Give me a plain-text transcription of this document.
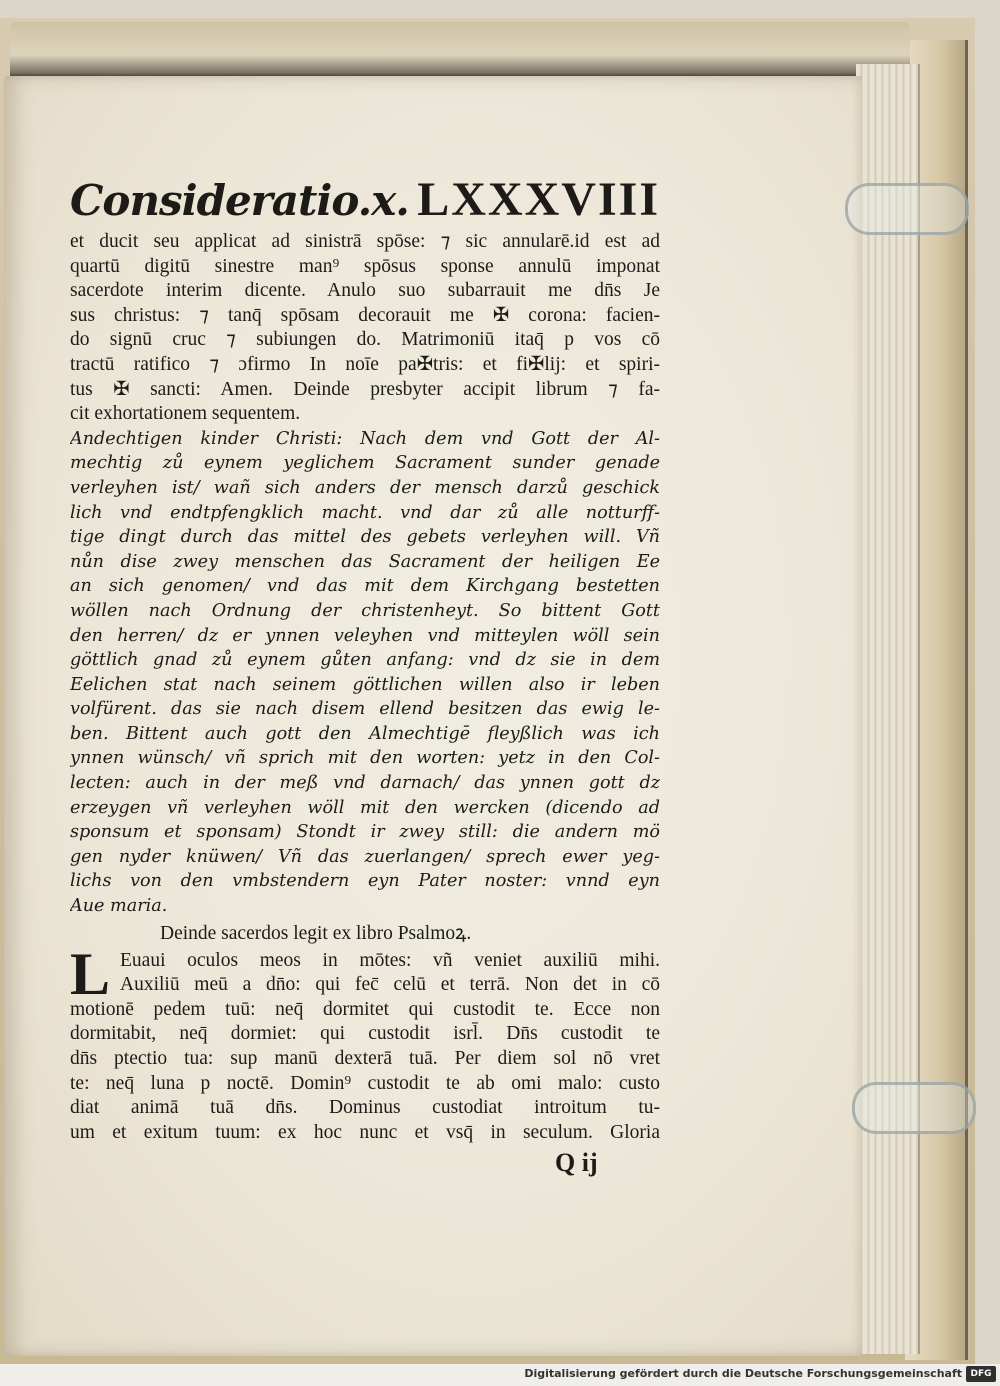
Consideratio.x. LXXXVIII
et ducit seu applicat ad sinistrā spōse: ⁊ sic annularē.id est ad
quartū digitū sinestre man⁹ spōsus sponse annulū imponat
sacerdote interim dicente. Anulo suo subarrauit me dn̄s Je
sus christus: ⁊ tanq̄ spōsam decorauit me ✠ corona: facien-
do signū cruc ⁊ subiungen do. Matrimoniū itaq̄ p vos cō
tractū ratifico ⁊ ɔfirmo In noīe pa✠tris: et fi✠lij: et spiri-
tus ✠ sancti: Amen. Deinde presbyter accipit librum ⁊ fa-
cit exhortationem sequentem.
Andechtigen kinder Christi: Nach dem vnd Gott der Al-
mechtig zů eynem yeglichem Sacrament sunder genade
verleyhen ist/ wañ sich anders der mensch darzů geschick
lich vnd endtpfengklich macht. vnd dar zů alle notturff-
tige dingt durch das mittel des gebets verleyhen will. Vñ
nůn dise zwey menschen das Sacrament der heiligen Ee
an sich genomen/ vnd das mit dem Kirchgang bestetten
wöllen nach Ordnung der christenheyt. So bittent Gott
den herren/ dz er ynnen veleyhen vnd mitteylen wöll sein
göttlich gnad zů eynem gůten anfang: vnd dz sie in dem
Eelichen stat nach seinem göttlichen willen also ir leben
volfürent. das sie nach disem ellend besitzen das ewig le-
ben. Bittent auch gott den Almechtigē fleyßlich was ich
ynnen wünsch/ vñ sprich mit den worten: yetz in den Col-
lecten: auch in der meß vnd darnach/ das ynnen gott dz
erzeygen vñ verleyhen wöll mit den wercken (dicendo ad
sponsum et sponsam) Stondt ir zwey still: die andern mö
gen nyder knüwen/ Vñ das zuerlangen/ sprech ewer yeg-
lichs von den vmbstendern eyn Pater noster: vnnd eyn
Aue maria.
Deinde sacerdos legit ex libro Psalmoꝝ.
L Euaui oculos meos in mōtes: vñ veniet auxiliū mihi.
Auxiliū meū a dn̄o: qui fec̄ celū et terrā. Non det in cō
motionē pedem tuū: neq̄ dormitet qui custodit te. Ecce non
dormitabit, neq̄ dormiet: qui custodit isrl̄. Dn̄s custodit te
dn̄s ptectio tua: sup manū dexterā tuā. Per diem sol nō vret
te: neq̄ luna p noctē. Domin⁹ custodit te ab omi malo: custo
diat animā tuā dn̄s. Dominus custodiat introitum tu-
um et exitum tuum: ex hoc nunc et vsq̄ in seculum. Gloria
Q ij
Digitalisierung gefördert durch die Deutsche Forschungsgemeinschaft DFG
